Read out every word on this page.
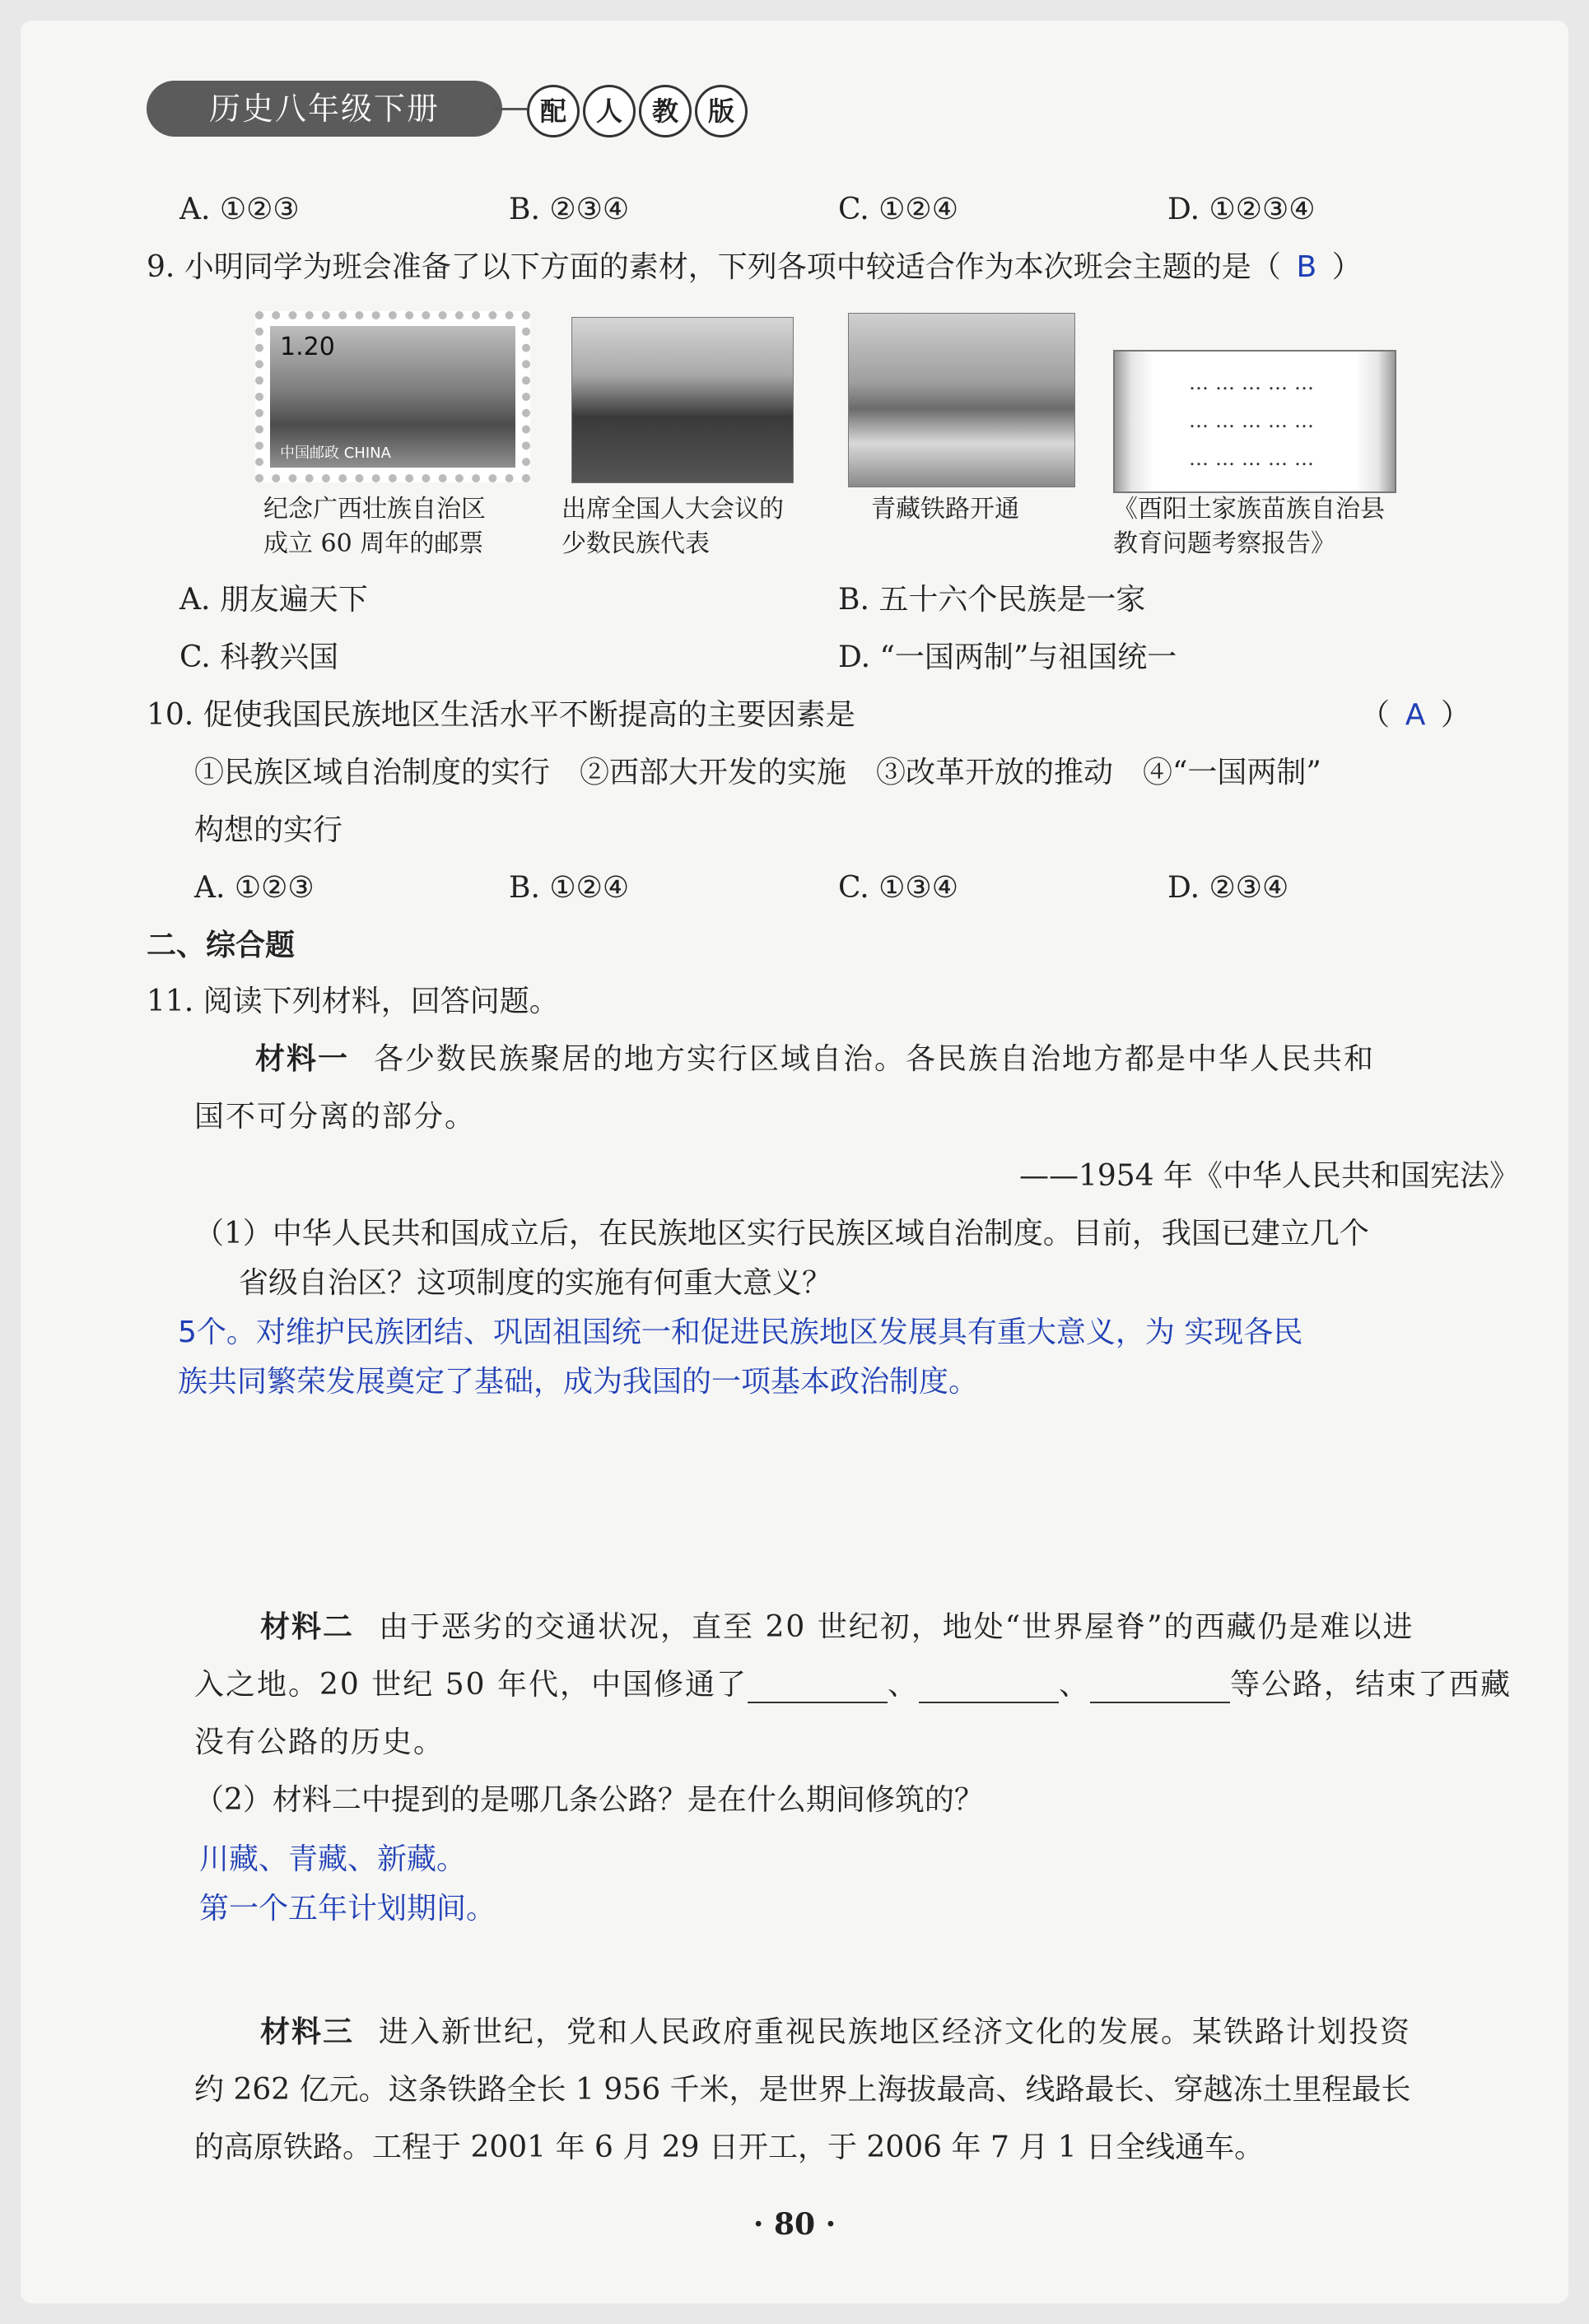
历史八年级下册	配	人	教	版
A. ①②③	B. ②③④	C. ①②④	D. ①②③④
9. 小明同学为班会准备了以下方面的素材，下列各项中较适合作为本次班会主题的是（ B ）
1.20
中国邮政 CHINA
……………
……………
……………
纪念广西壮族自治区
成立 60 周年的邮票
出席全国人大会议的
少数民族代表
青藏铁路开通	《酉阳土家族苗族自治县
教育问题考察报告》
A. 朋友遍天下	B. 五十六个民族是一家
C. 科教兴国	D. “一国两制”与祖国统一
10. 促使我国民族地区生活水平不断提高的主要因素是	（ A ）
①民族区域自治制度的实行　②西部大开发的实施　③改革开放的推动　④“一国两制”
构想的实行
A. ①②③	B. ①②④	C. ①③④	D. ②③④
二、综合题
11. 阅读下列材料，回答问题。
材料一 各少数民族聚居的地方实行区域自治。各民族自治地方都是中华人民共和
国不可分离的部分。
——1954 年《中华人民共和国宪法》
（1）中华人民共和国成立后，在民族地区实行民族区域自治制度。目前，我国已建立几个
省级自治区？这项制度的实施有何重大意义？
5个。对维护民族团结、巩固祖国统一和促进民族地区发展具有重大意义，为 实现各民
族共同繁荣发展奠定了基础，成为我国的一项基本政治制度。
材料二 由于恶劣的交通状况，直至 20 世纪初，地处“世界屋脊”的西藏仍是难以进
入之地。20 世纪 50 年代，中国修通了	、	、	等公路，结束了西藏
没有公路的历史。
（2）材料二中提到的是哪几条公路？是在什么期间修筑的？
川藏、青藏、新藏。
第一个五年计划期间。
材料三 进入新世纪，党和人民政府重视民族地区经济文化的发展。某铁路计划投资
约 262 亿元。这条铁路全长 1 956 千米，是世界上海拔最高、线路最长、穿越冻土里程最长
的高原铁路。工程于 2001 年 6 月 29 日开工，于 2006 年 7 月 1 日全线通车。
· 80 ·
